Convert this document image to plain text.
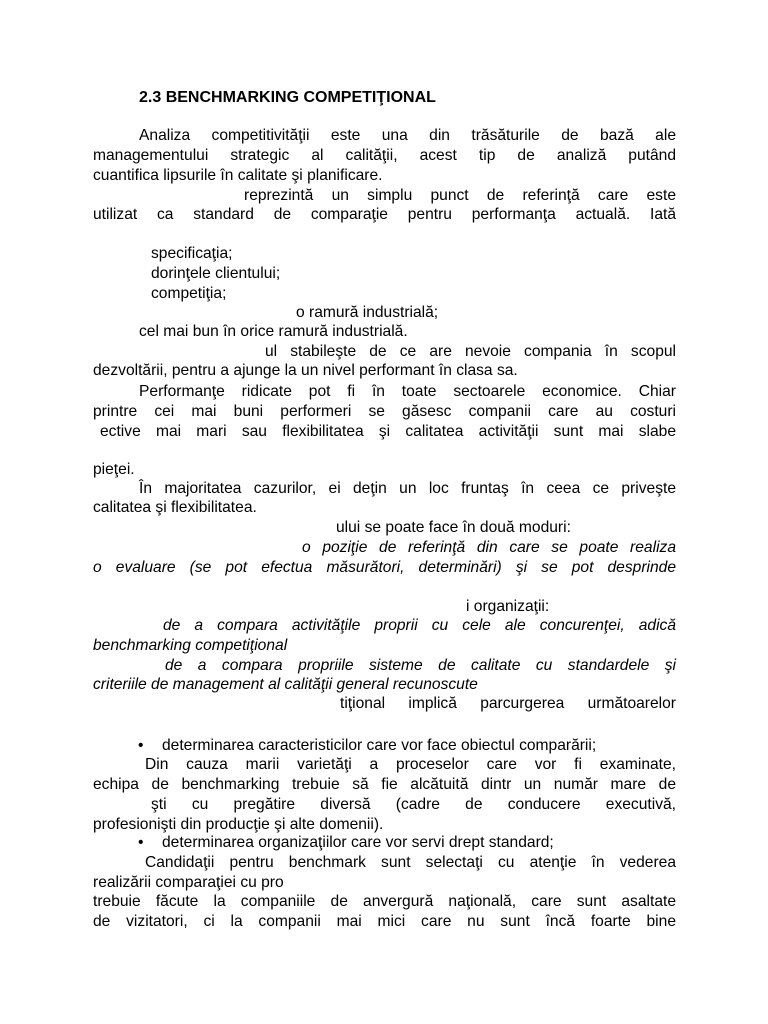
2.3 BENCHMARKING COMPETIŢIONAL
Analiza competitivităţii este una din trăsăturile de bază ale
managementului strategic al calităţii, acest tip de analiză putând
cuantifica lipsurile în calitate şi planificare.
reprezintă un simplu punct de referinţă care este
utilizat ca standard de comparaţie pentru performanţa actuală. Iată
specificaţia;
dorinţele clientului;
competiţia;
o ramură industrială;
cel mai bun în orice ramură industrială.
ul stabileşte de ce are nevoie compania în scopul
dezvoltării, pentru a ajunge la un nivel performant în clasa sa.
Performanţe ridicate pot fi în toate sectoarele economice. Chiar
printre cei mai buni performeri se găsesc companii care au costuri
ective mai mari sau flexibilitatea şi calitatea activităţii sunt mai slabe
pieţei.
În majoritatea cazurilor, ei deţin un loc fruntaş în ceea ce priveşte
calitatea şi flexibilitatea.
ului se poate face în două moduri:
o poziţie de referinţă din care se poate realiza
o evaluare (se pot efectua măsurători, determinări) şi se pot desprinde
i organizaţii:
de a compara activităţile proprii cu cele ale concurenţei, adică
benchmarking competiţional
de a compara propriile sisteme de calitate cu standardele şi
criteriile de management al calităţii general recunoscute
tiţional implică parcurgerea următoarelor
• determinarea caracteristicilor care vor face obiectul comparării;
Din cauza marii varietăţi a proceselor care vor fi examinate,
echipa de benchmarking trebuie să fie alcătuită dintr un număr mare de
şti cu pregătire diversă (cadre de conducere executivă,
profesionişti din producţie şi alte domenii).
• determinarea organizaţiilor care vor servi drept standard;
Candidaţii pentru benchmark sunt selectaţi cu atenţie în vederea
realizării comparaţiei cu pro
trebuie făcute la companiile de anvergură naţională, care sunt asaltate
de vizitatori, ci la companii mai mici care nu sunt încă foarte bine
